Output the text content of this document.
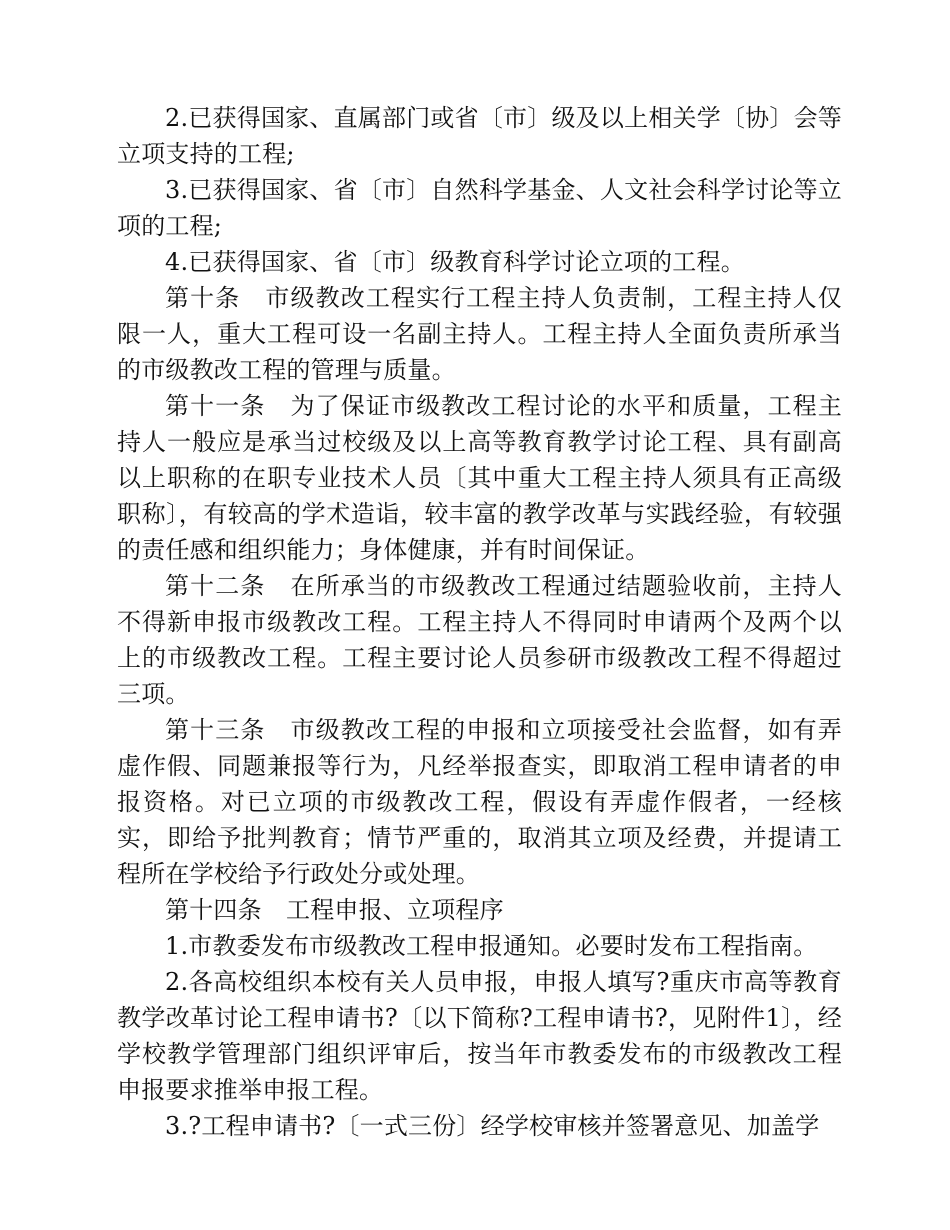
2.已获得国家、直属部门或省〔市〕级及以上相关学〔协〕会等立项支持的工程;

3.已获得国家、省〔市〕自然科学基金、人文社会科学讨论等立项的工程;

4.已获得国家、省〔市〕级教育科学讨论立项的工程。

第十条　市级教改工程实行工程主持人负责制，工程主持人仅限一人，重大工程可设一名副主持人。工程主持人全面负责所承当的市级教改工程的管理与质量。

第十一条　为了保证市级教改工程讨论的水平和质量，工程主持人一般应是承当过校级及以上高等教育教学讨论工程、具有副高以上职称的在职专业技术人员〔其中重大工程主持人须具有正高级职称〕，有较高的学术造诣，较丰富的教学改革与实践经验，有较强的责任感和组织能力；身体健康，并有时间保证。

第十二条　在所承当的市级教改工程通过结题验收前，主持人不得新申报市级教改工程。工程主持人不得同时申请两个及两个以上的市级教改工程。工程主要讨论人员参研市级教改工程不得超过三项。

第十三条　市级教改工程的申报和立项接受社会监督，如有弄虚作假、同题兼报等行为，凡经举报查实，即取消工程申请者的申报资格。对已立项的市级教改工程，假设有弄虚作假者，一经核实，即给予批判教育；情节严重的，取消其立项及经费，并提请工程所在学校给予行政处分或处理。

第十四条　工程申报、立项程序

1.市教委发布市级教改工程申报通知。必要时发布工程指南。

2.各高校组织本校有关人员申报，申报人填写?重庆市高等教育教学改革讨论工程申请书?〔以下简称?工程申请书?，见附件1〕，经学校教学管理部门组织评审后，按当年市教委发布的市级教改工程申报要求推举申报工程。

3.?工程申请书?〔一式三份〕经学校审核并签署意见、加盖学
